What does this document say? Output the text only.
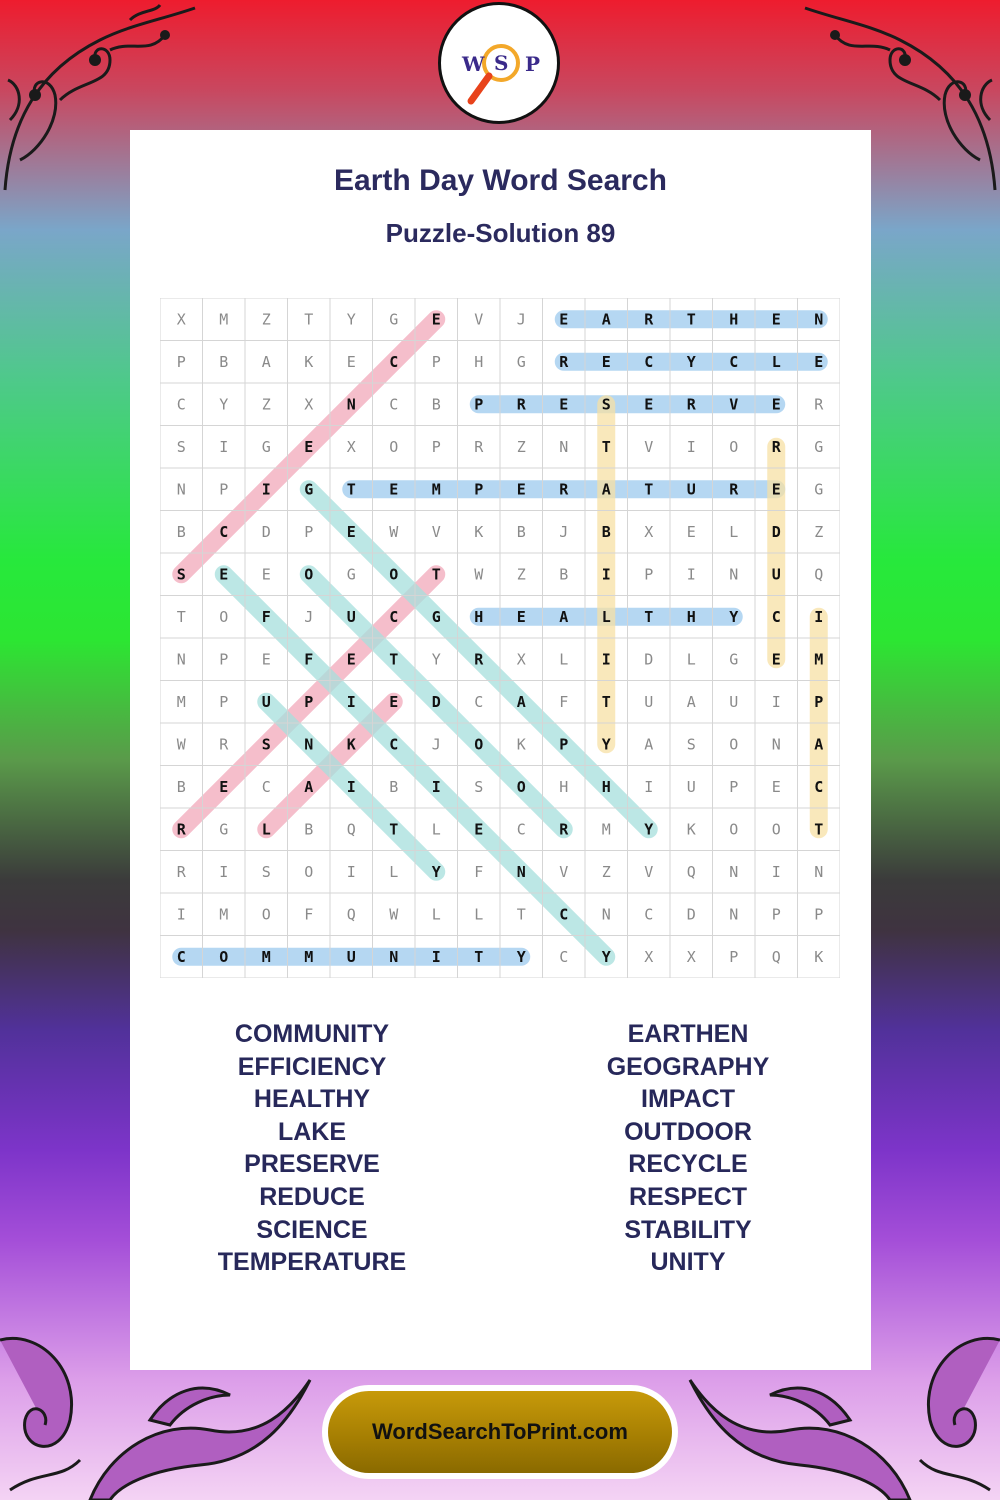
W S P
Earth Day Word Search
Puzzle-Solution 89
X M Z T Y G E V J E A R T H E N
P B A K E C P H G R E C Y C L E
C Y Z X N C B P R E S E R V E R
S I G E X O P R Z N T V I O R G
N P I G T E M P E R A T U R E G
B C D P E W V K B J B X E L D Z
S E E O G O T W Z B I P I N U Q
T O F J U C G H E A L T H Y C I
N P E F E T Y R X L I D L G E M
M P U P I E D C A F T U A U I P
W R S N K C J O K P Y A S O N A
B E C A I B I S O H H I U P E C
R G L B Q T L E C R M Y K O O T
R I S O I L Y F N V Z V Q N I N
I M O F Q W L L T C N C D N P P
C O M M U N I T Y C Y X X P Q K
COMMUNITY
EFFICIENCY
HEALTHY
LAKE
PRESERVE
REDUCE
SCIENCE
TEMPERATURE
EARTHEN
GEOGRAPHY
IMPACT
OUTDOOR
RECYCLE
RESPECT
STABILITY
UNITY
WordSearchToPrint.com
